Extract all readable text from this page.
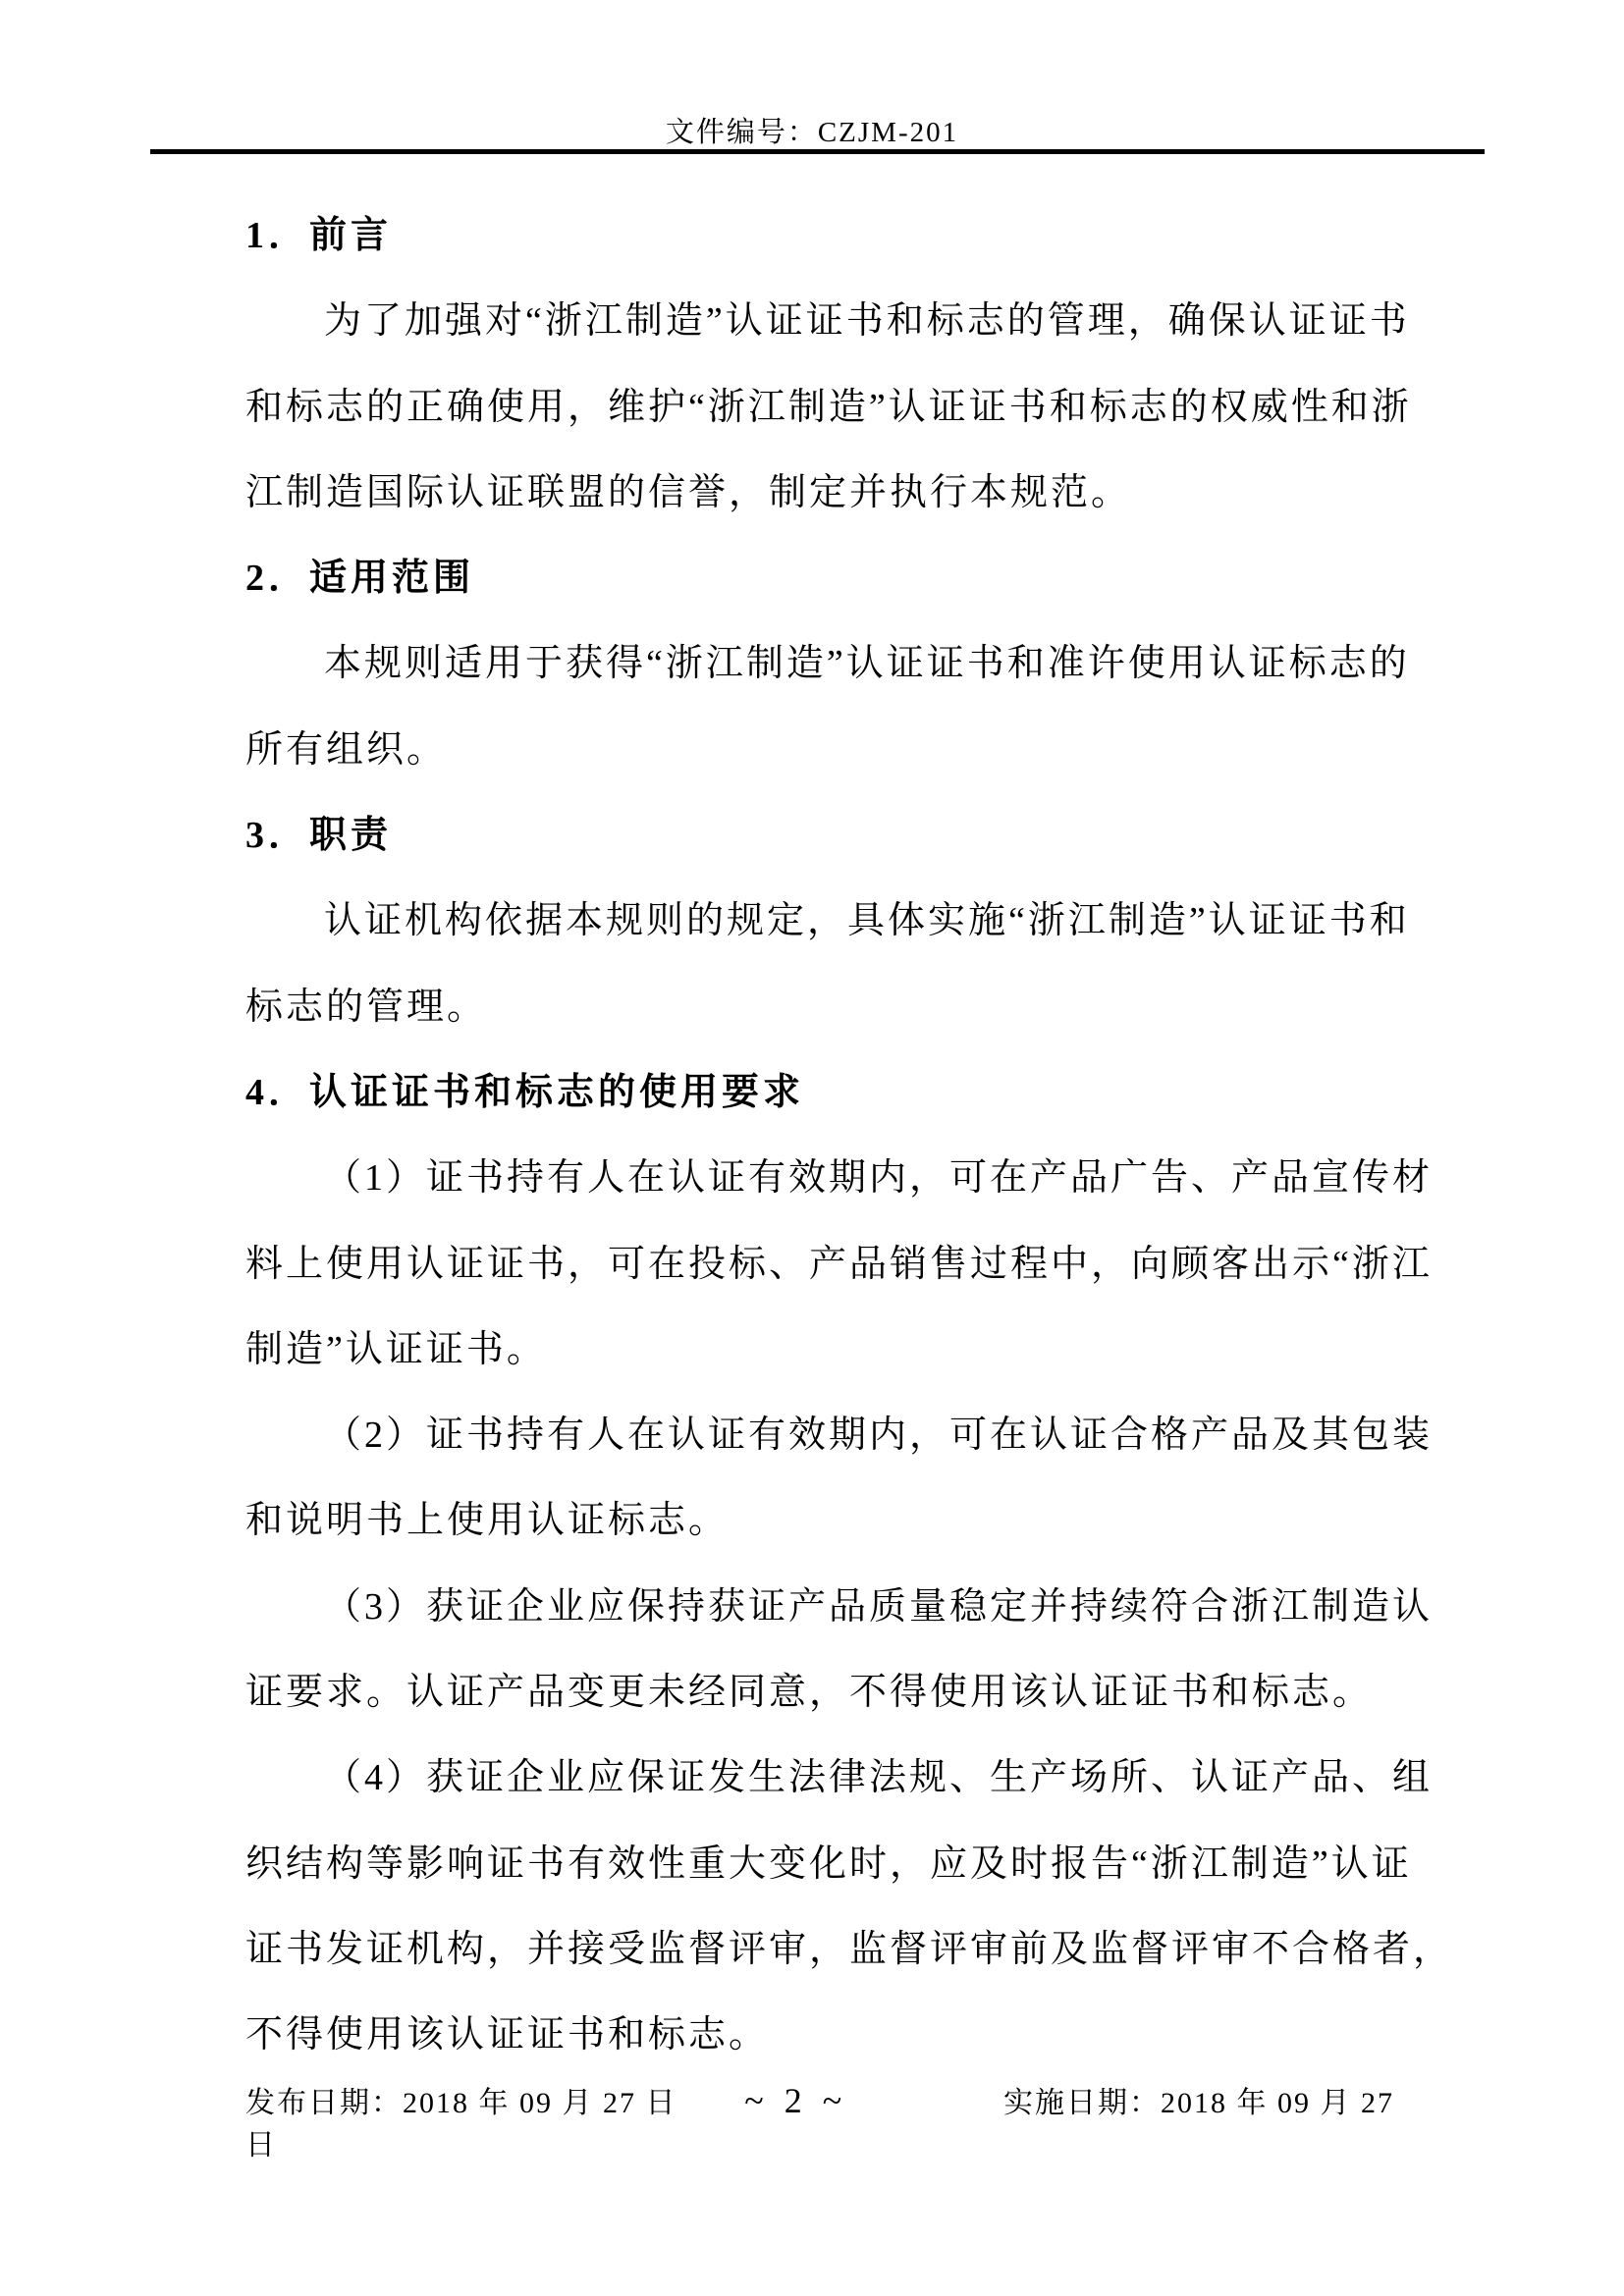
文件编号：CZJM-201
1．前言
为了加强对“浙江制造”认证证书和标志的管理，确保认证证书
和标志的正确使用，维护“浙江制造”认证证书和标志的权威性和浙
江制造国际认证联盟的信誉，制定并执行本规范。
2．适用范围
本规则适用于获得“浙江制造”认证证书和准许使用认证标志的
所有组织。
3．职责
认证机构依据本规则的规定，具体实施“浙江制造”认证证书和
标志的管理。
4．认证证书和标志的使用要求
（1）证书持有人在认证有效期内，可在产品广告、产品宣传材
料上使用认证证书，可在投标、产品销售过程中，向顾客出示“浙江
制造”认证证书。
（2）证书持有人在认证有效期内，可在认证合格产品及其包装
和说明书上使用认证标志。
（3）获证企业应保持获证产品质量稳定并持续符合浙江制造认
证要求。认证产品变更未经同意，不得使用该认证证书和标志。
（4）获证企业应保证发生法律法规、生产场所、认证产品、组
织结构等影响证书有效性重大变化时，应及时报告“浙江制造”认证
证书发证机构，并接受监督评审，监督评审前及监督评审不合格者，
不得使用该认证证书和标志。
发布日期：2018 年 09 月 27 日 ~ 2 ~	实施日期：2018 年 09 月 27
日
